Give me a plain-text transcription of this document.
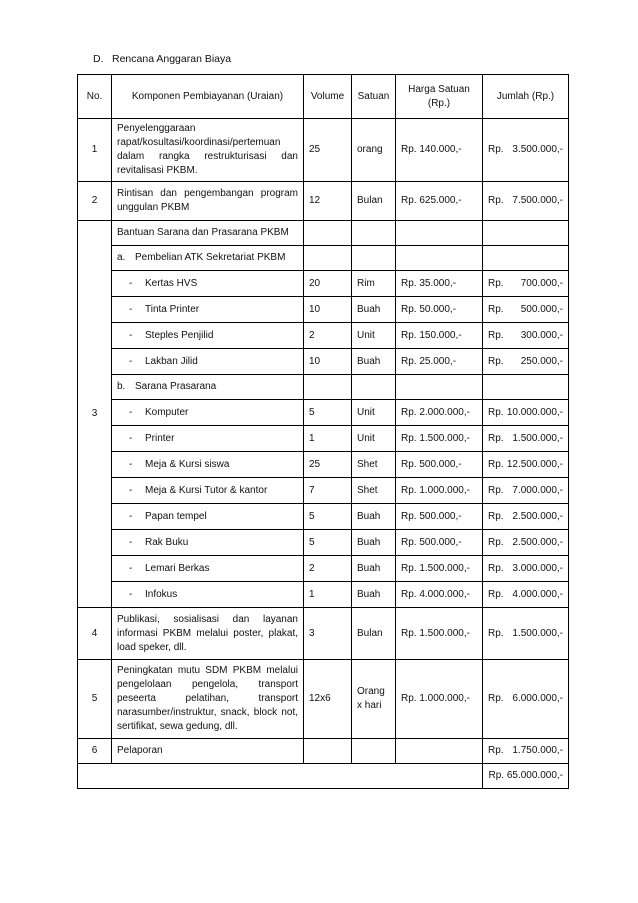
D. Rencana Anggaran Biaya
No.	Komponen Pembiayanan (Uraian)	Volume	Satuan	Harga Satuan (Rp.)	Jumlah (Rp.)
1	Penyelenggaraan rapat/kosultasi/koordinasi/pertemuan dalam rangka restrukturisasi dan revitalisasi PKBM.	25	orang	Rp. 140.000,-	Rp. 3.500.000,-

2	Rintisan dan pengembangan program unggulan PKBM	12	Bulan	Rp. 625.000,-	Rp. 7.500.000,-

3	Bantuan Sarana dan Prasarana PKBM				
	a. Pembelian ATK Sekretariat PKBM				
	- Kertas HVS	20	Rim	Rp. 35.000,-	Rp. 700.000,-

	- Tinta Printer	10	Buah	Rp. 50.000,-	Rp. 500.000,-

	- Steples Penjilid	2	Unit	Rp. 150.000,-	Rp. 300.000,-

	- Lakban Jilid	10	Buah	Rp. 25.000,-	Rp. 250.000,-

	b. Sarana Prasarana				
	- Komputer	5	Unit	Rp. 2.000.000,-	Rp. 10.000.000,-

	- Printer	1	Unit	Rp. 1.500.000,-	Rp. 1.500.000,-

	- Meja & Kursi siswa	25	Shet	Rp. 500.000,-	Rp. 12.500.000,-

	- Meja & Kursi Tutor & kantor	7	Shet	Rp. 1.000.000,-	Rp. 7.000.000,-

	- Papan tempel	5	Buah	Rp. 500.000,-	Rp. 2.500.000,-

	- Rak Buku	5	Buah	Rp. 500.000,-	Rp. 2.500.000,-

	- Lemari Berkas	2	Buah	Rp. 1.500.000,-	Rp. 3.000.000,-

	- Infokus	1	Buah	Rp. 4.000.000,-	Rp. 4.000.000,-

4	Publikasi, sosialisasi dan layanan informasi PKBM melalui poster, plakat, load speker, dll.	3	Bulan	Rp. 1.500.000,-	Rp. 1.500.000,-

5	Peningkatan mutu SDM PKBM melalui pengelolaan pengelola, transport peseerta pelatihan, transport narasumber/instruktur, snack, block not, sertifikat, sewa gedung, dll.	12x6	Orang x hari	Rp. 1.000.000,-	Rp. 6.000.000,-

6	Pelaporan				Rp. 1.750.000,-

					Rp. 65.000.000,-
